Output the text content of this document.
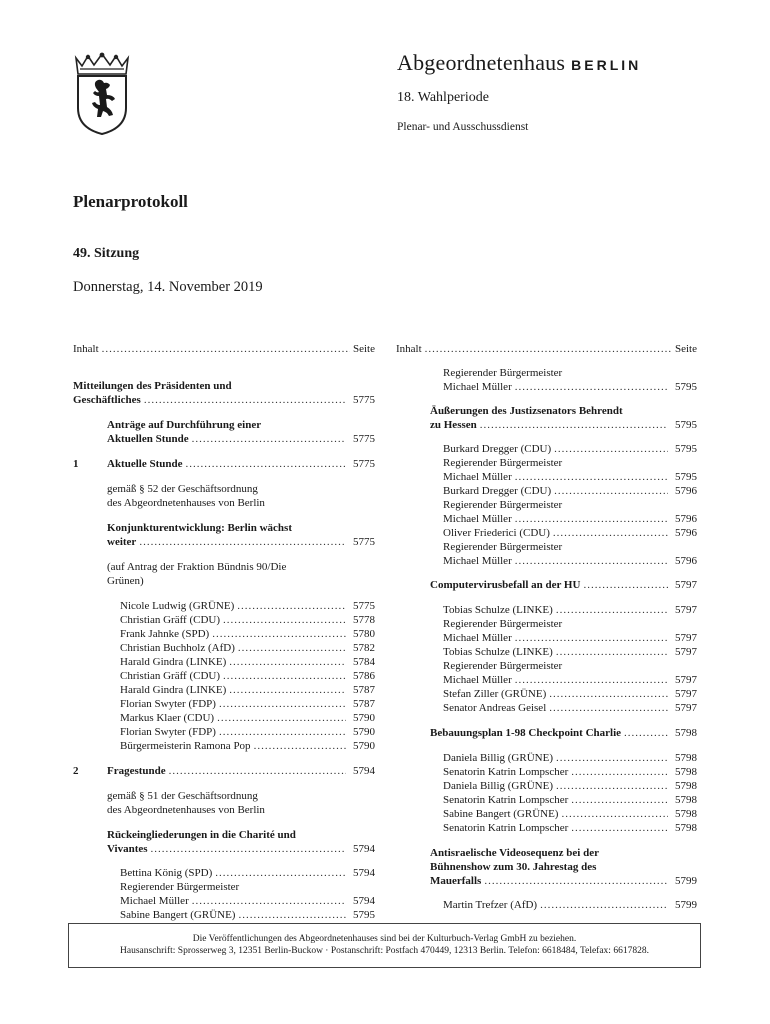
Abgeordnetenhaus BERLIN
18. Wahlperiode
Plenar- und Ausschussdienst
Plenarprotokoll
49. Sitzung
Donnerstag, 14. November 2019
Inhalt .....	Seite
Mitteilungen des Präsidenten und
Geschäftliches .....	5775
Anträge auf Durchführung einer
Aktuellen Stunde .....	5775
1	Aktuelle Stunde .....	5775
gemäß § 52 der Geschäftsordnung
des Abgeordnetenhauses von Berlin
Konjunkturentwicklung: Berlin wächst
weiter .....	5775
(auf Antrag der Fraktion Bündnis 90/Die
Grünen)
Nicole Ludwig (GRÜNE) .....	5775
Christian Gräff (CDU) .....	5778
Frank Jahnke (SPD) .....	5780
Christian Buchholz (AfD) .....	5782
Harald Gindra (LINKE) .....	5784
Christian Gräff (CDU) .....	5786
Harald Gindra (LINKE) .....	5787
Florian Swyter (FDP) .....	5787
Markus Klaer (CDU) .....	5790
Florian Swyter (FDP) .....	5790
Bürgermeisterin Ramona Pop .....	5790
2	Fragestunde .....	5794
gemäß § 51 der Geschäftsordnung
des Abgeordnetenhauses von Berlin
Rückeingliederungen in die Charité und
Vivantes .....	5794
Bettina König (SPD) .....	5794
Regierender Bürgermeister
Michael Müller .....	5794
Sabine Bangert (GRÜNE) .....	5795
Inhalt .....	Seite
Regierender Bürgermeister
Michael Müller .....	5795
Äußerungen des Justizsenators Behrendt
zu Hessen .....	5795
Burkard Dregger (CDU) .....	5795
Regierender Bürgermeister
Michael Müller .....	5795
Burkard Dregger (CDU) .....	5796
Regierender Bürgermeister
Michael Müller .....	5796
Oliver Friederici (CDU) .....	5796
Regierender Bürgermeister
Michael Müller .....	5796
Computervirusbefall an der HU .....	5797
Tobias Schulze (LINKE) .....	5797
Regierender Bürgermeister
Michael Müller .....	5797
Tobias Schulze (LINKE) .....	5797
Regierender Bürgermeister
Michael Müller .....	5797
Stefan Ziller (GRÜNE) .....	5797
Senator Andreas Geisel .....	5797
Bebauungsplan 1-98 Checkpoint Charlie .....	5798
Daniela Billig (GRÜNE) .....	5798
Senatorin Katrin Lompscher .....	5798
Daniela Billig (GRÜNE) .....	5798
Senatorin Katrin Lompscher .....	5798
Sabine Bangert (GRÜNE) .....	5798
Senatorin Katrin Lompscher .....	5798
Antisraelische Videosequenz bei der
Bühnenshow zum 30. Jahrestag des
Mauerfalls .....	5799
Martin Trefzer (AfD) .....	5799
Die Veröffentlichungen des Abgeordnetenhauses sind bei der Kulturbuch-Verlag GmbH zu beziehen.
Hausanschrift: Sprosserweg 3, 12351 Berlin-Buckow · Postanschrift: Postfach 470449, 12313 Berlin. Telefon: 6618484, Telefax: 6617828.
